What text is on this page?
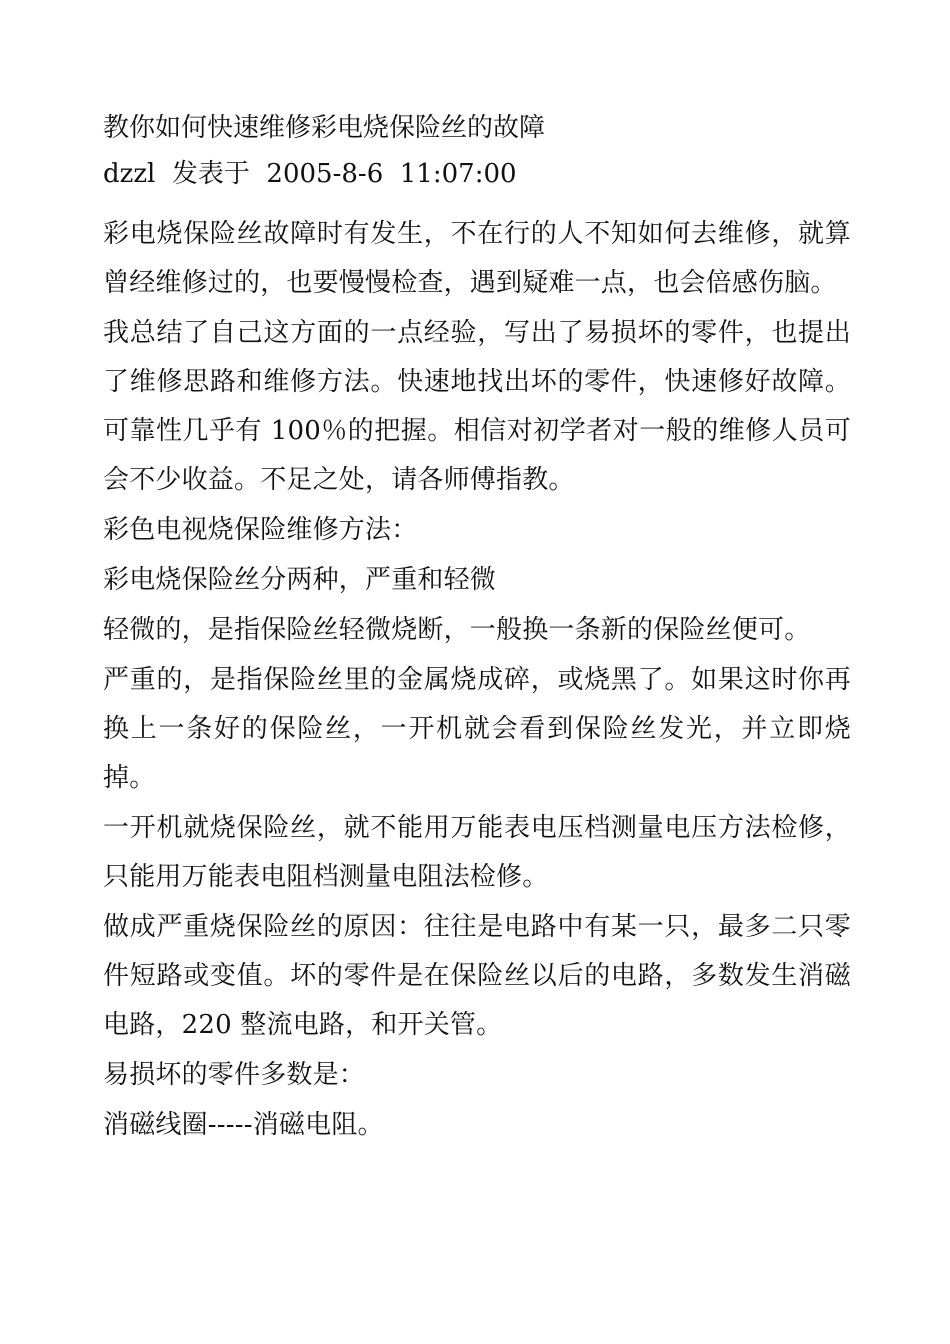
教你如何快速维修彩电烧保险丝的故障

dzzl  发表于  2005-8-6  11:07:00

彩电烧保险丝故障时有发生，不在行的人不知如何去维修，就算曾经维修过的，也要慢慢检查，遇到疑难一点，也会倍感伤脑。

我总结了自己这方面的一点经验，写出了易损坏的零件，也提出了维修思路和维修方法。快速地找出坏的零件，快速修好故障。可靠性几乎有 100％的把握。相信对初学者对一般的维修人员可会不少收益。不足之处，请各师傅指教。

彩色电视烧保险维修方法：

彩电烧保险丝分两种，严重和轻微

轻微的，是指保险丝轻微烧断，一般换一条新的保险丝便可。

严重的，是指保险丝里的金属烧成碎，或烧黑了。如果这时你再换上一条好的保险丝，一开机就会看到保险丝发光，并立即烧掉。

一开机就烧保险丝，就不能用万能表电压档测量电压方法检修，只能用万能表电阻档测量电阻法检修。

做成严重烧保险丝的原因：往往是电路中有某一只，最多二只零件短路或变值。坏的零件是在保险丝以后的电路，多数发生消磁电路，220 整流电路，和开关管。

易损坏的零件多数是：

消磁线圈-----消磁电阻。
